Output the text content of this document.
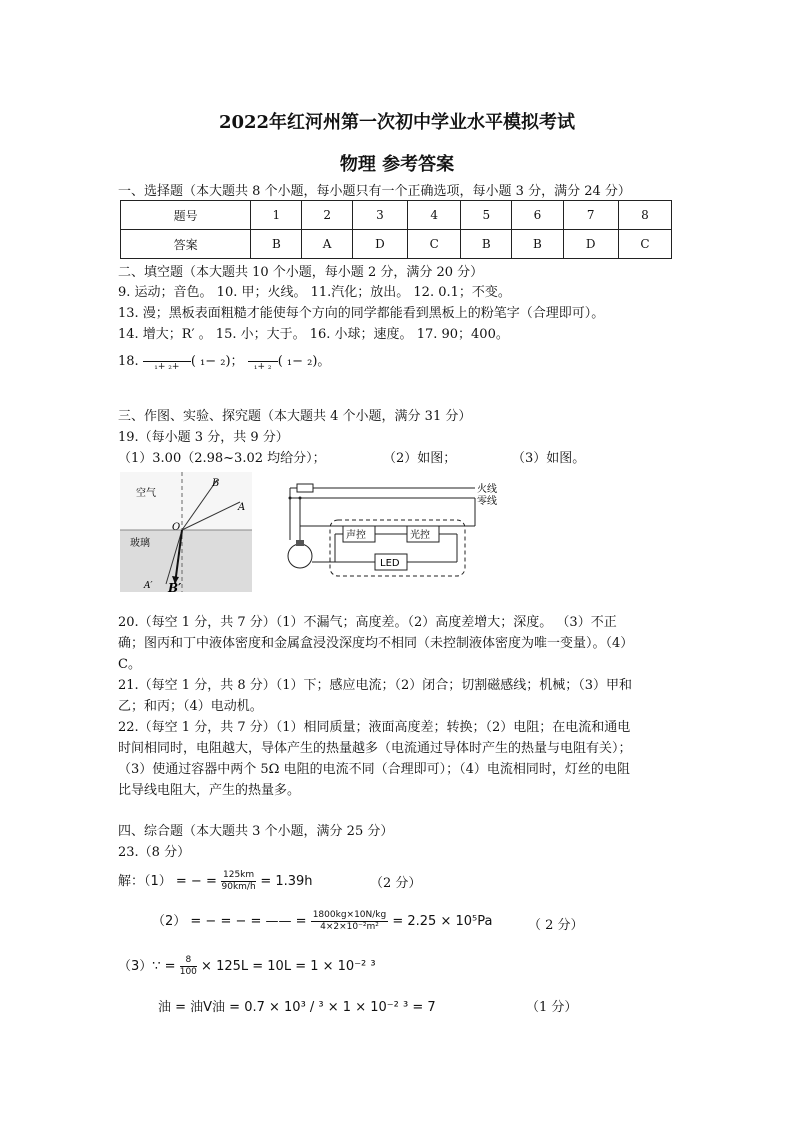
2022年红河州第一次初中学业水平模拟考试
物理 参考答案
一、选择题（本大题共 8 个小题，每小题只有一个正确选项，每小题 3 分，满分 24 分）
题号	1	2	3	4	5	6	7	8
答案	B	A	D	C	B	B	D	C
二、填空题（本大题共 10 个小题，每小题 2 分，满分 20 分）
9. 运动；音色。 10. 甲；火线。 11.汽化；放出。 12. 0.1；不变。
13. 漫；黑板表面粗糙才能使每个方向的同学都能看到黑板上的粉笔字（合理即可）。
14. 增大；R′ 。 15. 小；大于。 16. 小球；速度。 17. 90；400。
18.
₁+ ₂+ ( ₁− ₂)；
₁+ ₂ ( ₁− ₂)。
三、作图、实验、探究题（本大题共 4 个小题，满分 31 分）
19.（每小题 3 分，共 9 分）
（1）3.00（2.98~3.02 均给分）；	（2）如图；	（3）如图。
空气
玻璃
B
A
O
A′ B′
火线
零线
声控	光控
LED
20.（每空 1 分，共 7 分）（1）不漏气；高度差。（2）高度差增大；深度。 （3）不正
确；图丙和丁中液体密度和金属盒浸没深度均不相同（未控制液体密度为唯一变量）。（4）
C。
21.（每空 1 分，共 8 分）（1）下；感应电流；（2）闭合；切割磁感线；机械；（3）甲和
乙；和丙；（4）电动机。
22.（每空 1 分，共 7 分）（1）相同质量；液面高度差；转换；（2）电阻；在电流和通电
时间相同时，电阻越大，导体产生的热量越多（电流通过导体时产生的热量与电阻有关）；
（3）使通过容器中两个 5Ω 电阻的电流不同（合理即可）；（4）电流相同时，灯丝的电阻
比导线电阻大，产生的热量多。
四、综合题（本大题共 3 个小题，满分 25 分）
23.（8 分）
解：（1） = − = $\frac{125km}{90km/h} = 1.39h$	（2 分）
（2） = − = − = —— = $\frac{1800kg\times 10N/kg}{\text{4×2×10⁻²m²}} = 2.25 \times 10^5Pa$	（ 2 分）
（3）∵ = $\frac{8}{100} \times 125L = 10L = 1 \times 10^{-2}$ ³
油 = 油V油 = 0.7 × 10³ / ³ × 1 × 10⁻² ³ = 7	（1 分）
